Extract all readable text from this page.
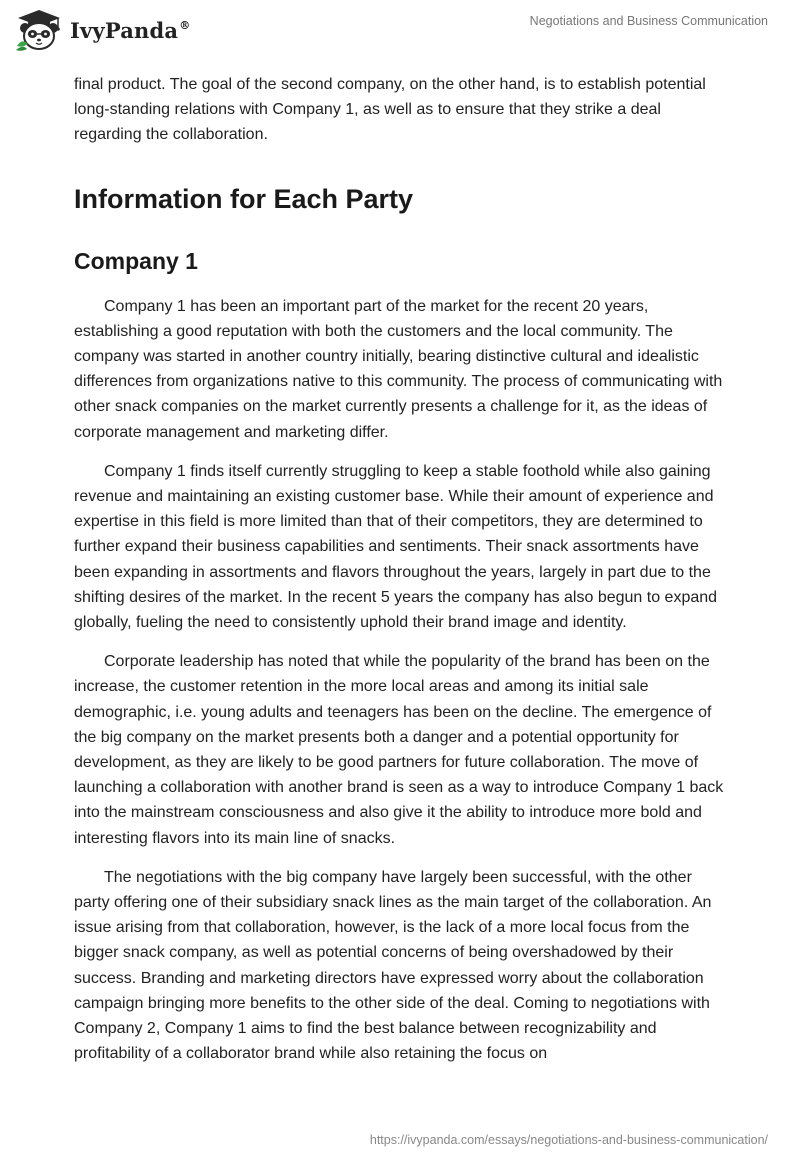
IvyPanda®	Negotiations and Business Communication

final product. The goal of the second company, on the other hand, is to establish potential long-standing relations with Company 1, as well as to ensure that they strike a deal regarding the collaboration.

Information for Each Party
Company 1

Company 1 has been an important part of the market for the recent 20 years, establishing a good reputation with both the customers and the local community. The company was started in another country initially, bearing distinctive cultural and idealistic differences from organizations native to this community. The process of communicating with other snack companies on the market currently presents a challenge for it, as the ideas of corporate management and marketing differ.

Company 1 finds itself currently struggling to keep a stable foothold while also gaining revenue and maintaining an existing customer base. While their amount of experience and expertise in this field is more limited than that of their competitors, they are determined to further expand their business capabilities and sentiments. Their snack assortments have been expanding in assortments and flavors throughout the years, largely in part due to the shifting desires of the market. In the recent 5 years the company has also begun to expand globally, fueling the need to consistently uphold their brand image and identity.

Corporate leadership has noted that while the popularity of the brand has been on the increase, the customer retention in the more local areas and among its initial sale demographic, i.e. young adults and teenagers has been on the decline. The emergence of the big company on the market presents both a danger and a potential opportunity for development, as they are likely to be good partners for future collaboration. The move of launching a collaboration with another brand is seen as a way to introduce Company 1 back into the mainstream consciousness and also give it the ability to introduce more bold and interesting flavors into its main line of snacks.

The negotiations with the big company have largely been successful, with the other party offering one of their subsidiary snack lines as the main target of the collaboration. An issue arising from that collaboration, however, is the lack of a more local focus from the bigger snack company, as well as potential concerns of being overshadowed by their success. Branding and marketing directors have expressed worry about the collaboration campaign bringing more benefits to the other side of the deal. Coming to negotiations with Company 2, Company 1 aims to find the best balance between recognizability and profitability of a collaborator brand while also retaining the focus on

https://ivypanda.com/essays/negotiations-and-business-communication/
